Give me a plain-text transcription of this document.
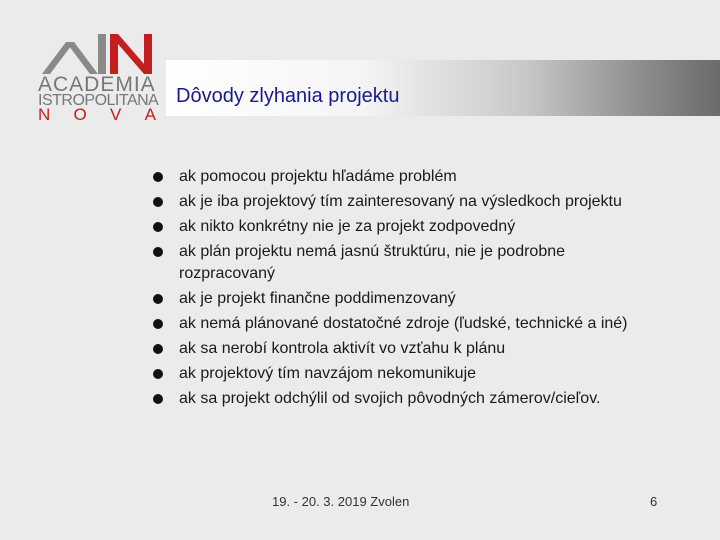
ACADEMIA
ISTROPOLITANA
N O V A
Dôvody zlyhania projektu
ak pomocou projektu hľadáme problém
ak je iba projektový tím zainteresovaný na výsledkoch projektu
ak nikto konkrétny nie je za projekt zodpovedný
ak plán projektu nemá jasnú štruktúru, nie je podrobne
rozpracovaný
ak je projekt finančne poddimenzovaný
ak nemá plánované dostatočné zdroje (ľudské, technické a iné)
ak sa nerobí kontrola aktivít vo vzťahu k plánu
ak projektový tím navzájom nekomunikuje
ak sa projekt odchýlil od svojich pôvodných zámerov/cieľov.
19. - 20. 3. 2019 Zvolen	6
